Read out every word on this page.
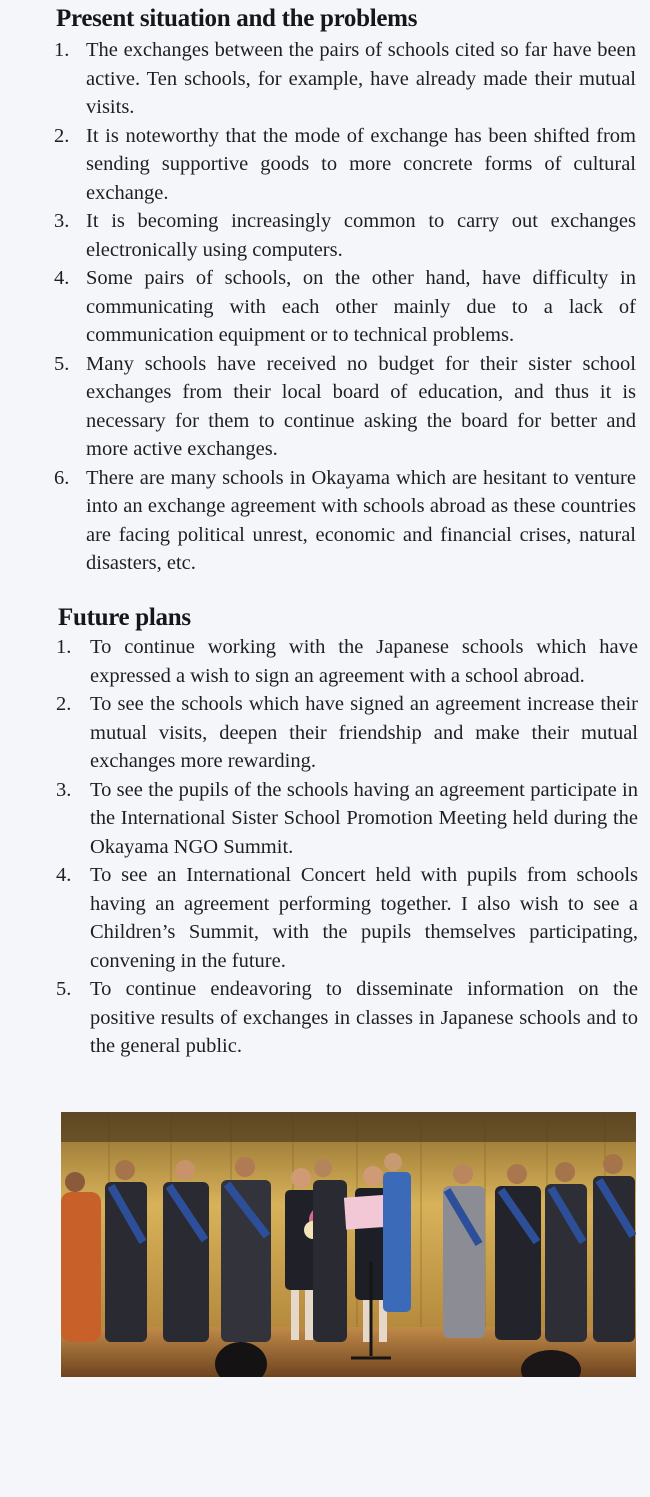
Present situation and the problems
1. The exchanges between the pairs of schools cited so far have been active. Ten schools, for example, have already made their mutual visits.
2. It is noteworthy that the mode of exchange has been shifted from sending supportive goods to more concrete forms of cultural exchange.
3. It is becoming increasingly common to carry out exchanges electronically using computers.
4. Some pairs of schools, on the other hand, have difficulty in communicating with each other mainly due to a lack of communication equipment or to technical problems.
5. Many schools have received no budget for their sister school exchanges from their local board of education, and thus it is necessary for them to continue asking the board for better and more active exchanges.
6. There are many schools in Okayama which are hesitant to venture into an exchange agreement with schools abroad as these countries are facing political unrest, economic and financial crises, natural disasters, etc.
Future plans
1. To continue working with the Japanese schools which have expressed a wish to sign an agreement with a school abroad.
2. To see the schools which have signed an agreement increase their mutual visits, deepen their friendship and make their mutual exchanges more rewarding.
3. To see the pupils of the schools having an agreement participate in the International Sister School Promotion Meeting held during the Okayama NGO Summit.
4. To see an International Concert held with pupils from schools having an agreement performing together. I also wish to see a Children’s Summit, with the pupils themselves participating, convening in the future.
5. To continue endeavoring to disseminate information on the positive results of exchanges in classes in Japanese schools and to the general public.
